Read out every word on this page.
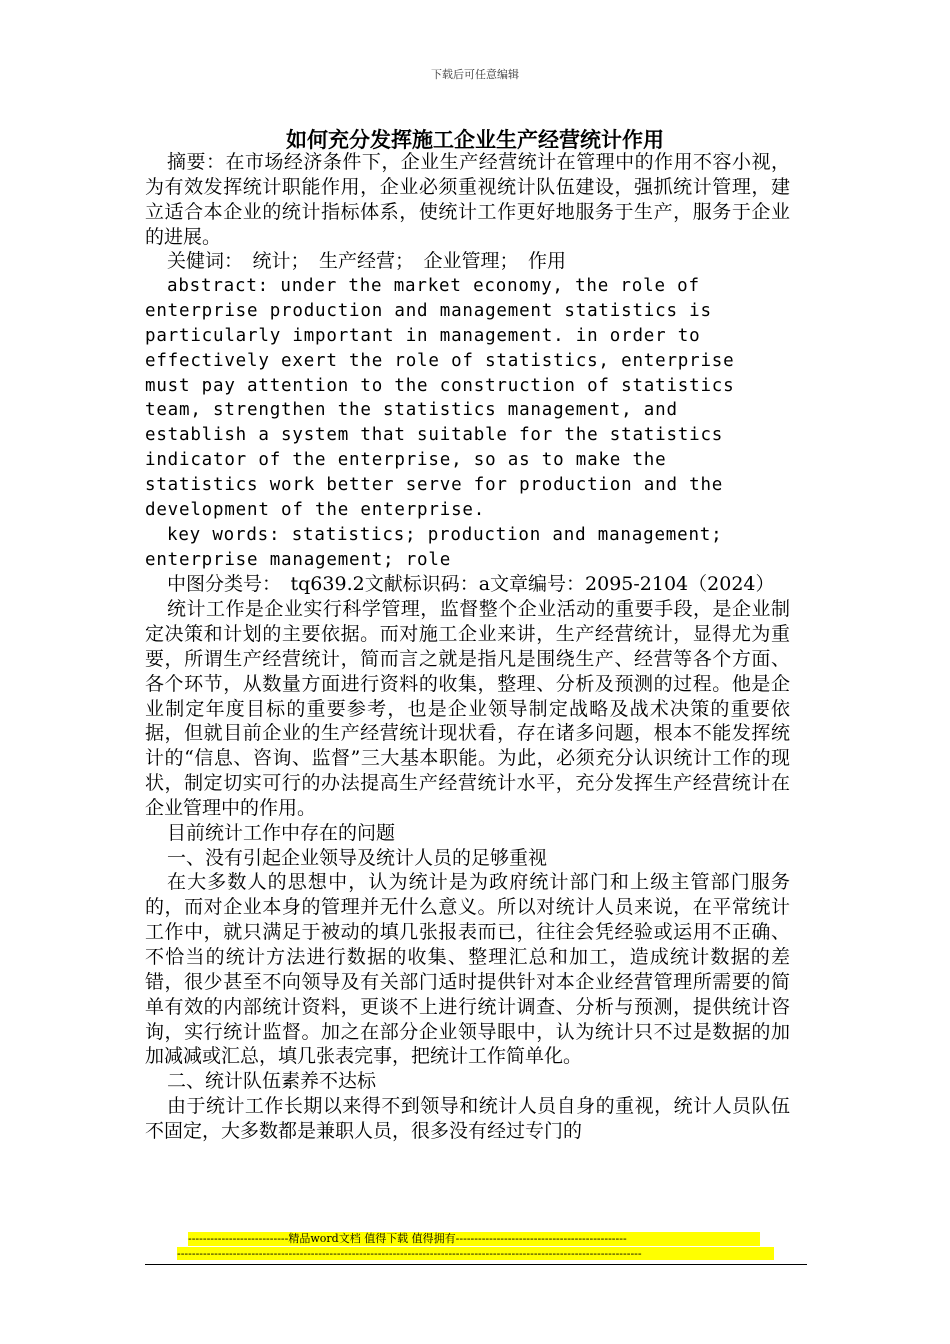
下载后可任意编辑
如何充分发挥施工企业生产经营统计作用

摘要：在市场经济条件下，企业生产经营统计在管理中的作用不容小视，为有效发挥统计职能作用，企业必须重视统计队伍建设，强抓统计管理，建立适合本企业的统计指标体系，使统计工作更好地服务于生产，服务于企业的进展。

关健词：　统计；　生产经营；　企业管理；　作用

abstract: under the market economy, the role of enterprise production and management statistics is particularly important in management. in order to effectively exert the role of statistics, enterprise must pay attention to the construction of statistics team, strengthen the statistics management, and establish a system that suitable for the statistics indicator of the enterprise, so as to make the statistics work better serve for production and the development of the enterprise.

key words: statistics; production and management; enterprise management; role

中图分类号：　tq639.2文献标识码：a文章编号：2095-2104（2024）

统计工作是企业实行科学管理，监督整个企业活动的重要手段，是企业制定决策和计划的主要依据。而对施工企业来讲，生产经营统计，显得尤为重要，所谓生产经营统计，简而言之就是指凡是围绕生产、经营等各个方面、各个环节，从数量方面进行资料的收集，整理、分析及预测的过程。他是企业制定年度目标的重要参考，也是企业领导制定战略及战术决策的重要依据，但就目前企业的生产经营统计现状看，存在诸多问题，根本不能发挥统计的“信息、咨询、监督”三大基本职能。为此，必须充分认识统计工作的现状，制定切实可行的办法提高生产经营统计水平，充分发挥生产经营统计在企业管理中的作用。

目前统计工作中存在的问题

一、没有引起企业领导及统计人员的足够重视

在大多数人的思想中，认为统计是为政府统计部门和上级主管部门服务的，而对企业本身的管理并无什么意义。所以对统计人员来说，在平常统计工作中，就只满足于被动的填几张报表而已，往往会凭经验或运用不正确、不恰当的统计方法进行数据的收集、整理汇总和加工，造成统计数据的差错，很少甚至不向领导及有关部门适时提供针对本企业经营管理所需要的简单有效的内部统计资料，更谈不上进行统计调查、分析与预测，提供统计咨询，实行统计监督。加之在部分企业领导眼中，认为统计只不过是数据的加加减减或汇总，填几张表完事，把统计工作简单化。

二、统计队伍素养不达标

由于统计工作长期以来得不到领导和统计人员自身的重视，统计人员队伍不固定，大多数都是兼职人员，很多没有经过专门的

---------------------------精品word文档 值得下载 值得拥有----------------------------------------------
-----------------------------------------------------------------------------------------------------------------------------
